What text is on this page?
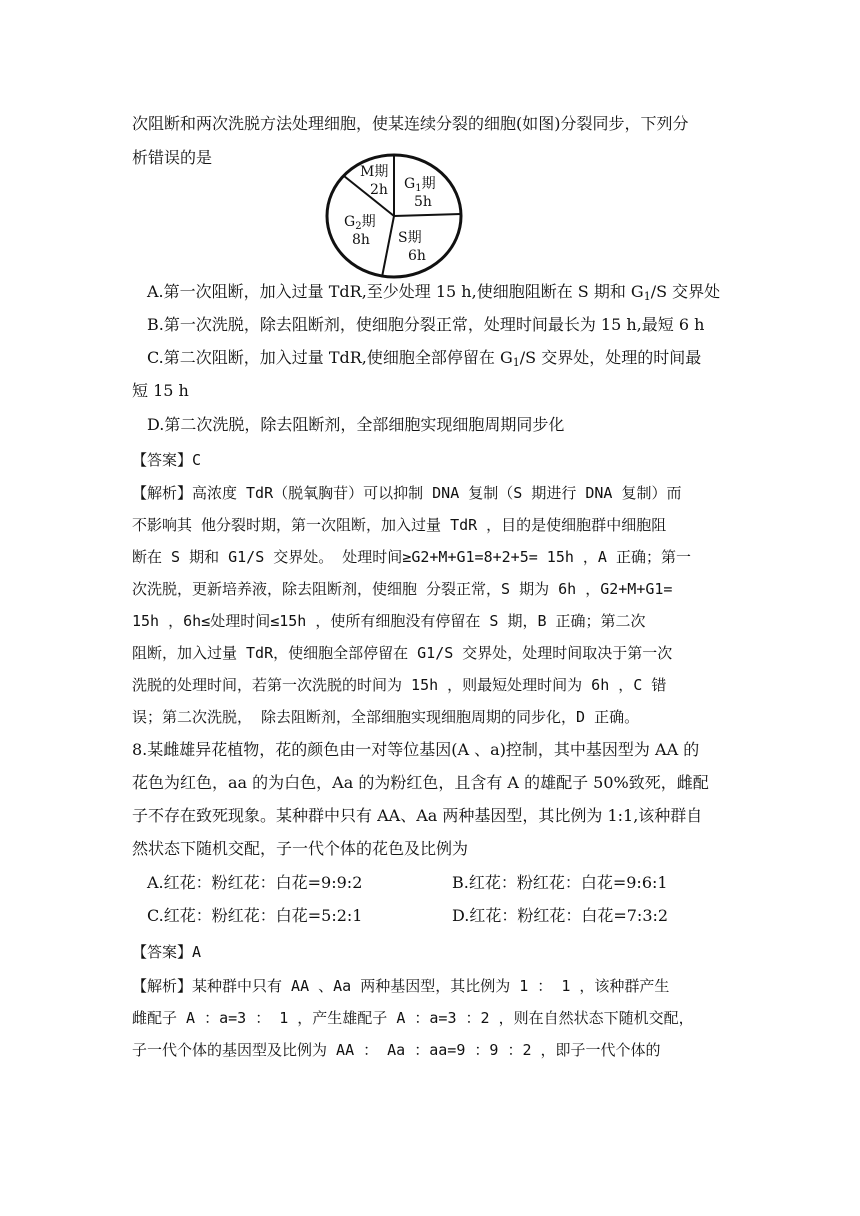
次阻断和两次洗脱方法处理细胞，使某连续分裂的细胞(如图)分裂同步，下列分
析错误的是
M期
2h $G_1$期
5h
S期
6h
$G_2$期
8h
A.第一次阻断，加入过量 TdR,至少处理 15 h,使细胞阻断在 S 期和 $G_1/S$ 交界处
B.第一次洗脱，除去阻断剂，使细胞分裂正常，处理时间最长为 15 h,最短 6 h
C.第二次阻断，加入过量 TdR,使细胞全部停留在 $G_1/S$ 交界处，处理的时间最
短 15 h
D.第二次洗脱，除去阻断剂，全部细胞实现细胞周期同步化
【答案】C
【解析】高浓度 TdR（脱氧胸苷）可以抑制 DNA 复制（S 期进行 DNA 复制）而
不影响其 他分裂时期，第一次阻断，加入过量 TdR ，目的是使细胞群中细胞阻
断在 S 期和 G1/S 交界处。 处理时间≥G2+M+G1=8+2+5= 15h ，A 正确；第一
次洗脱，更新培养液，除去阻断剂，使细胞 分裂正常，S 期为 6h ，G2+M+G1=
15h ，6h≤处理时间≤15h ，使所有细胞没有停留在 S 期，B 正确；第二次
阻断，加入过量 TdR，使细胞全部停留在 G1/S 交界处，处理时间取决于第一次
洗脱的处理时间，若第一次洗脱的时间为 15h ，则最短处理时间为 6h ，C 错
误；第二次洗脱， 除去阻断剂，全部细胞实现细胞周期的同步化，D 正确。
8.某雌雄异花植物，花的颜色由一对等位基因(A 、a)控制，其中基因型为 AA 的
花色为红色，aa 的为白色，Aa 的为粉红色，且含有 A 的雄配子 50%致死，雌配
子不存在致死现象。某种群中只有 AA、Aa 两种基因型，其比例为 1:1,该种群自
然状态下随机交配，子一代个体的花色及比例为
A.红花：粉红花：白花=9:9:2	B.红花：粉红花：白花=9:6:1
C.红花：粉红花：白花=5:2:1	D.红花：粉红花：白花=7:3:2
【答案】A
【解析】某种群中只有 AA 、Aa 两种基因型，其比例为 1 ： 1 ，该种群产生
雌配子 A ：a=3 ： 1 ，产生雄配子 A ：a=3 ：2 ，则在自然状态下随机交配，
子一代个体的基因型及比例为 AA ： Aa ：aa=9 ：9 ：2 ，即子一代个体的
